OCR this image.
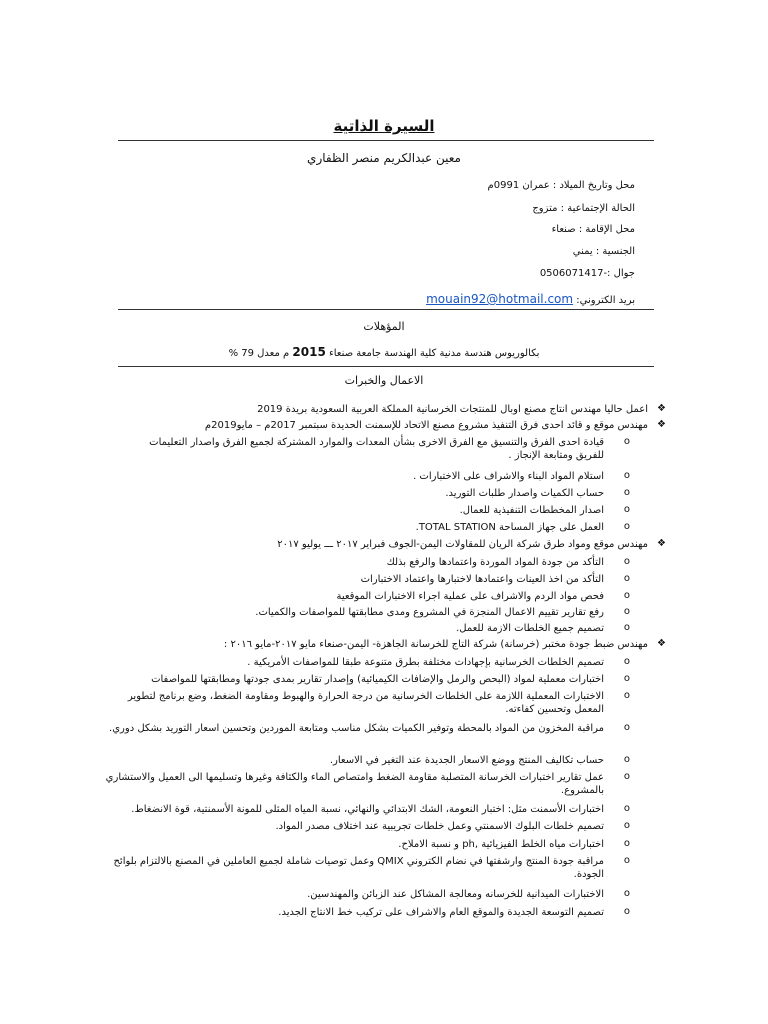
السيرة الذاتية
معين عبدالكريم منصر الظفاري
محل وتاريخ الميلاد : عمران 0991م
الحالة الإجتماعية : متزوج
محل الإقامة : صنعاء
الجنسية : يمني
جوال :-0506071417
بريد الكتروني: mouain92@hotmail.com
المؤهلات
بكالوريوس هندسة مدنية كلية الهندسة جامعة صنعاء 2015 م معدل 79 %
الاعمال والخبرات
❖
اعمل حاليا مهندس انتاج مصنع اوبال للمنتجات الخرسانية المملكة العربية السعودية بريدة 2019
❖
مهندس موقع و قائد احدى فرق التنفيذ مشروع مصنع الاتحاد للإسمنت الحديدة سبتمبر 2017م – مايو2019م
o
قيادة احدى الفرق والتنسيق مع الفرق الاخرى بشأن المعدات والموارد المشتركة لجميع الفرق واصدار التعليمات للفريق ومتابعة الإنجاز .
o
استلام المواد البناء والاشراف على الاختبارات .
o
حساب الكميات واصدار طلبات التوريد.
o
اصدار المخططات التنفيذية للعمال.
o
العمل على جهاز المساحة TOTAL STATION.
❖
مهندس موقع ومواد طرق شركة الريان للمقاولات اليمن-الجوف فبراير ٢٠١٧ ـــ يوليو ٢٠١٧
o
التأكد من جودة المواد الموردة واعتمادها والرفع بذلك
o
التأكد من اخذ العينات واعتمادها لاختبارها واعتماد الاختبارات
o
فحص مواد الردم والاشراف على عملية اجراء الاختبارات الموقعية
o
رفع تقارير تقييم الاعمال المنجزة في المشروع ومدى مطابقتها للمواصفات والكميات.
o
تصميم جميع الخلطات الازمة للعمل.
❖
مهندس ضبط جودة مختبر (خرسانة) شركة التاج للخرسانة الجاهزة- اليمن-صنعاء مايو ٢٠١٧-مايو ٢٠١٦ :
o
تصميم الخلطات الخرسانية بإجهادات مختلفة بطرق متنوعة طبقا للمواصفات الأمريكية .
o
اختبارات معملية لمواد (البحص والرمل والإضافات الكيميائية) وإصدار تقارير بمدى جودتها ومطابقتها للمواصفات
o
الاختبارات المعملية اللازمة على الخلطات الخرسانية من درجة الحرارة والهبوط ومقاومة الضغط، وضع برنامج لتطوير المعمل وتحسين كفاءته.
o
مراقبة المخزون من المواد بالمحطة وتوفير الكميات بشكل مناسب ومتابعة الموردين وتحسين اسعار التوريد بشكل دوري.
o
حساب تكاليف المنتج ووضع الاسعار الجديدة عند التغير في الاسعار.
o
عمل تقارير اختبارات الخرسانة المتصلبة مقاومة الضغط وامتصاص الماء والكثافة وغيرها وتسليمها الى العميل والاستشاري بالمشروع.
o
اختبارات الأسمنت مثل: اختبار النعومة، الشك الابتدائي والنهائي، نسبة المياه المثلى للمونة الأسمنتية، قوة الانضغاط.
o
تصميم خلطات البلوك الاسمنتي وعمل خلطات تجريبية عند اختلاف مصدر المواد.
o
اختبارات مياه الخلط الفيزيائية ,ph و نسبة الاملاح.
o
مراقبة جودة المنتج وارشفتها في نضام الكتروني QMIX وعمل توصيات شاملة لجميع العاملين في المصنع بالالتزام بلوائح الجودة.
o
الاختبارات الميدانية للخرسانه ومعالجة المشاكل عند الزبائن والمهندسين.
o
تصميم التوسعة الجديدة والموقع العام والاشراف على تركيب خط الانتاج الجديد.
